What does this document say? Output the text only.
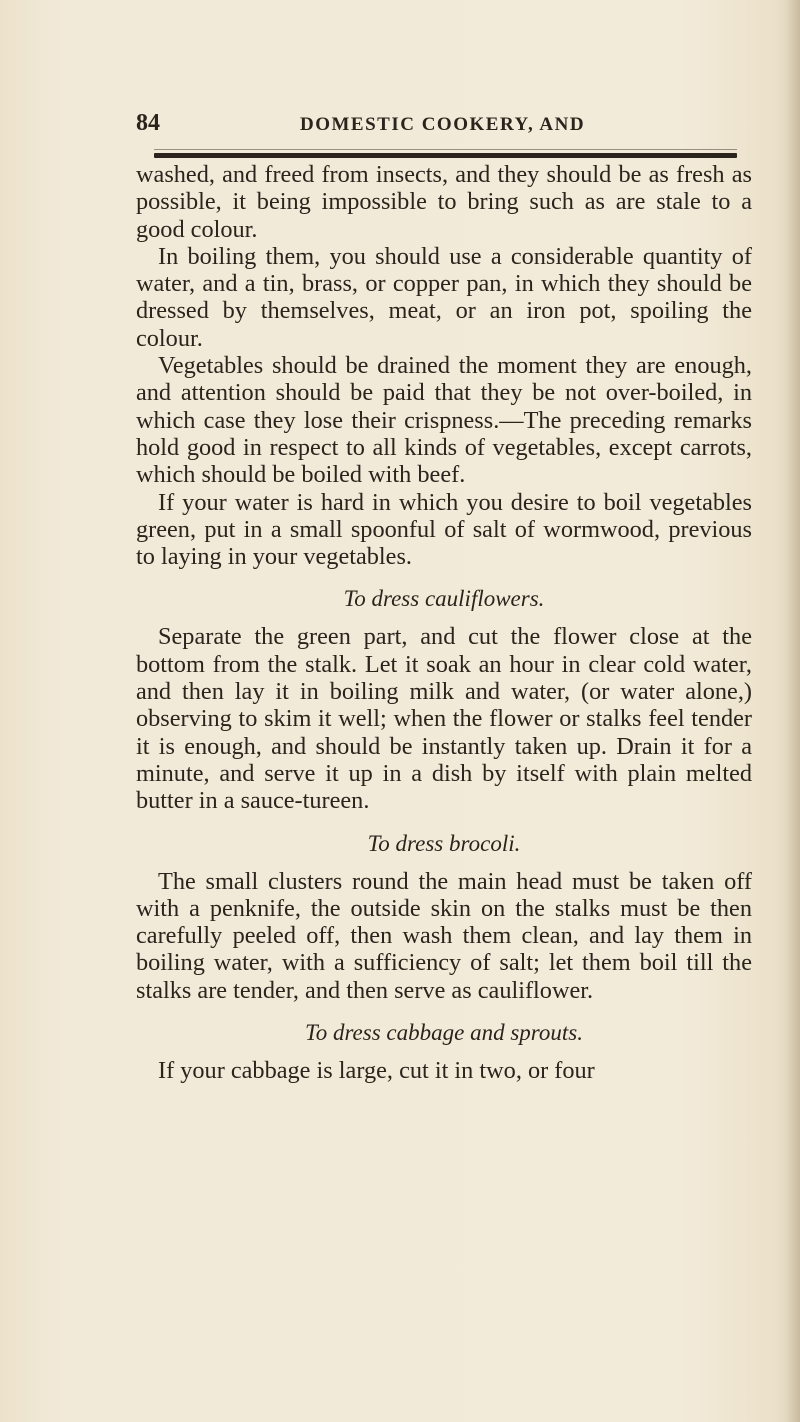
84	DOMESTIC COOKERY, AND

washed, and freed from insects, and they should be as fresh as possible, it being impossible to bring such as are stale to a good colour.

In boiling them, you should use a considerable quantity of water, and a tin, brass, or copper pan, in which they should be dressed by themselves, meat, or an iron pot, spoiling the colour.

Vegetables should be drained the moment they are enough, and attention should be paid that they be not over-boiled, in which case they lose their crispness.—The preceding remarks hold good in respect to all kinds of vegetables, except carrots, which should be boiled with beef.

If your water is hard in which you desire to boil vegetables green, put in a small spoonful of salt of wormwood, previous to laying in your vegetables.

To dress cauliflowers.

Separate the green part, and cut the flower close at the bottom from the stalk. Let it soak an hour in clear cold water, and then lay it in boiling milk and water, (or water alone,) observing to skim it well; when the flower or stalks feel tender it is enough, and should be instantly taken up. Drain it for a minute, and serve it up in a dish by itself with plain melted butter in a sauce-tureen.

To dress brocoli.

The small clusters round the main head must be taken off with a penknife, the outside skin on the stalks must be then carefully peeled off, then wash them clean, and lay them in boiling water, with a sufficiency of salt; let them boil till the stalks are tender, and then serve as cauliflower.

To dress cabbage and sprouts.

If your cabbage is large, cut it in two, or four
